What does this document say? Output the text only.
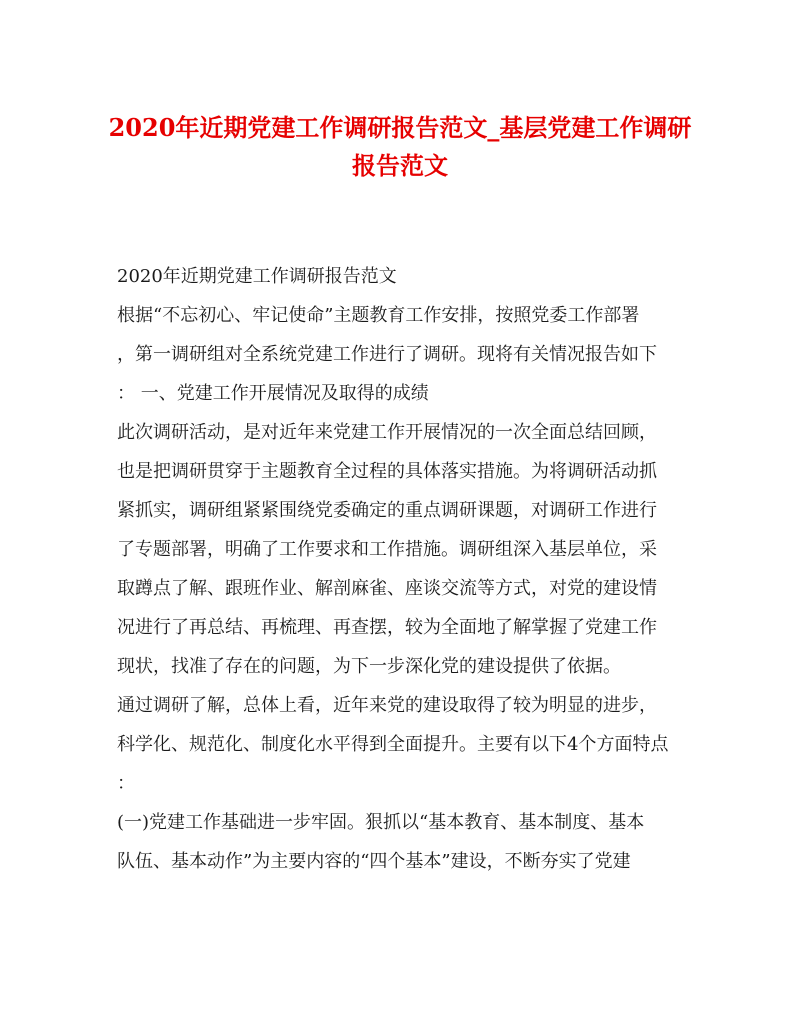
2020年近期党建工作调研报告范文_基层党建工作调研
报告范文
2020年近期党建工作调研报告范文
根据“不忘初心、牢记使命”主题教育工作安排，按照党委工作部署
，第一调研组对全系统党建工作进行了调研。现将有关情况报告如下
： 一、党建工作开展情况及取得的成绩
此次调研活动，是对近年来党建工作开展情况的一次全面总结回顾，
也是把调研贯穿于主题教育全过程的具体落实措施。为将调研活动抓
紧抓实，调研组紧紧围绕党委确定的重点调研课题，对调研工作进行
了专题部署，明确了工作要求和工作措施。调研组深入基层单位，采
取蹲点了解、跟班作业、解剖麻雀、座谈交流等方式，对党的建设情
况进行了再总结、再梳理、再查摆，较为全面地了解掌握了党建工作
现状，找准了存在的问题，为下一步深化党的建设提供了依据。
通过调研了解，总体上看，近年来党的建设取得了较为明显的进步，
科学化、规范化、制度化水平得到全面提升。主要有以下4个方面特点
：
(一)党建工作基础进一步牢固。狠抓以“基本教育、基本制度、基本
队伍、基本动作”为主要内容的“四个基本”建设，不断夯实了党建
